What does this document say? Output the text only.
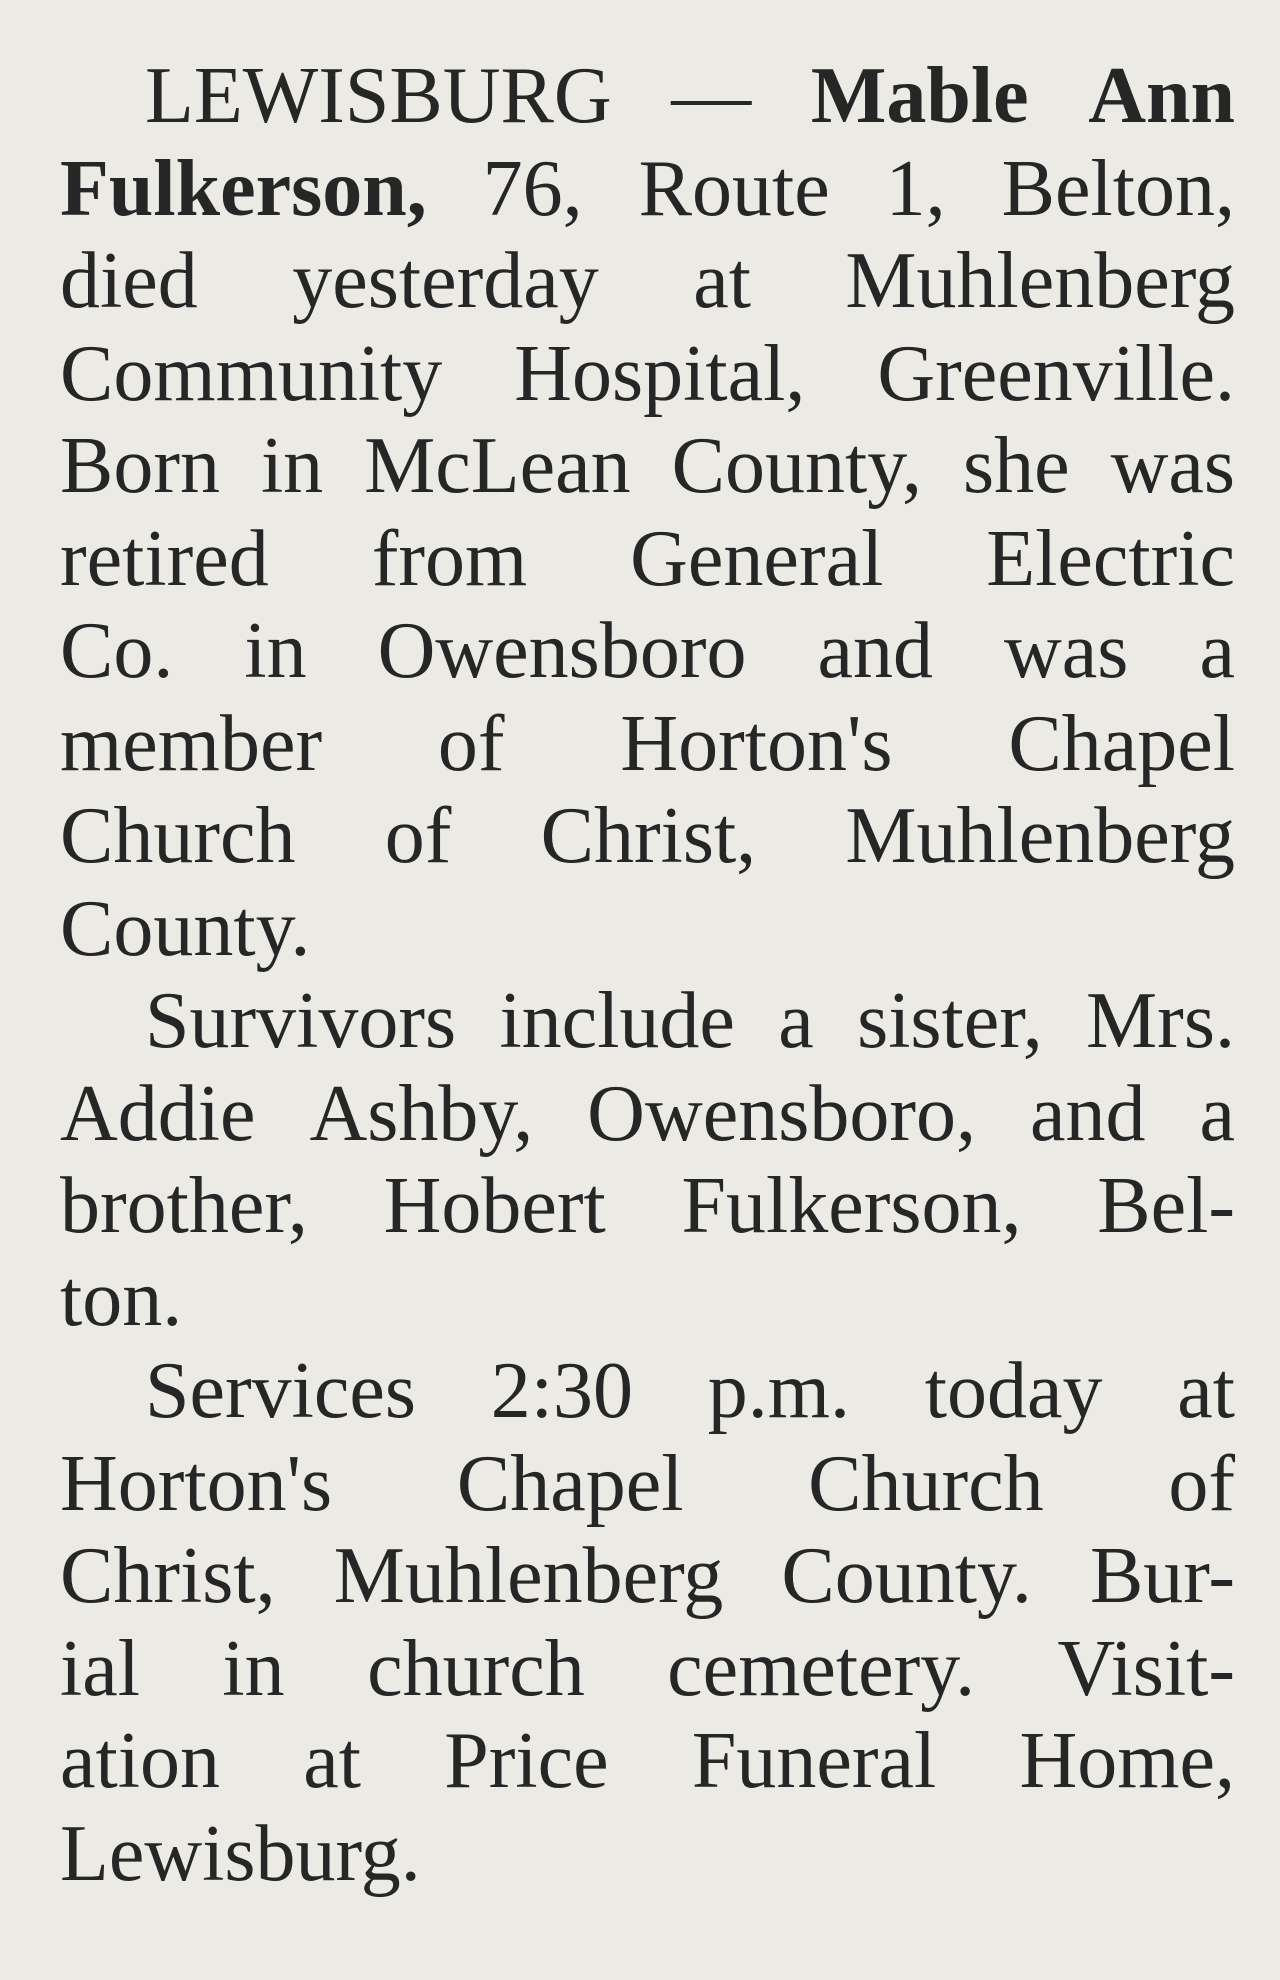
LEWISBURG — Mable Ann
Fulkerson, 76, Route 1, Belton,
died yesterday at Muhlenberg
Community Hospital, Greenville.
Born in McLean County, she was
retired from General Electric
Co. in Owensboro and was a
member of Horton's Chapel
Church of Christ, Muhlenberg
County.
Survivors include a sister, Mrs.
Addie Ashby, Owensboro, and a
brother, Hobert Fulkerson, Bel-
ton.
Services 2:30 p.m. today at
Horton's Chapel Church of
Christ, Muhlenberg County. Bur-
ial in church cemetery. Visit-
ation at Price Funeral Home,
Lewisburg.
